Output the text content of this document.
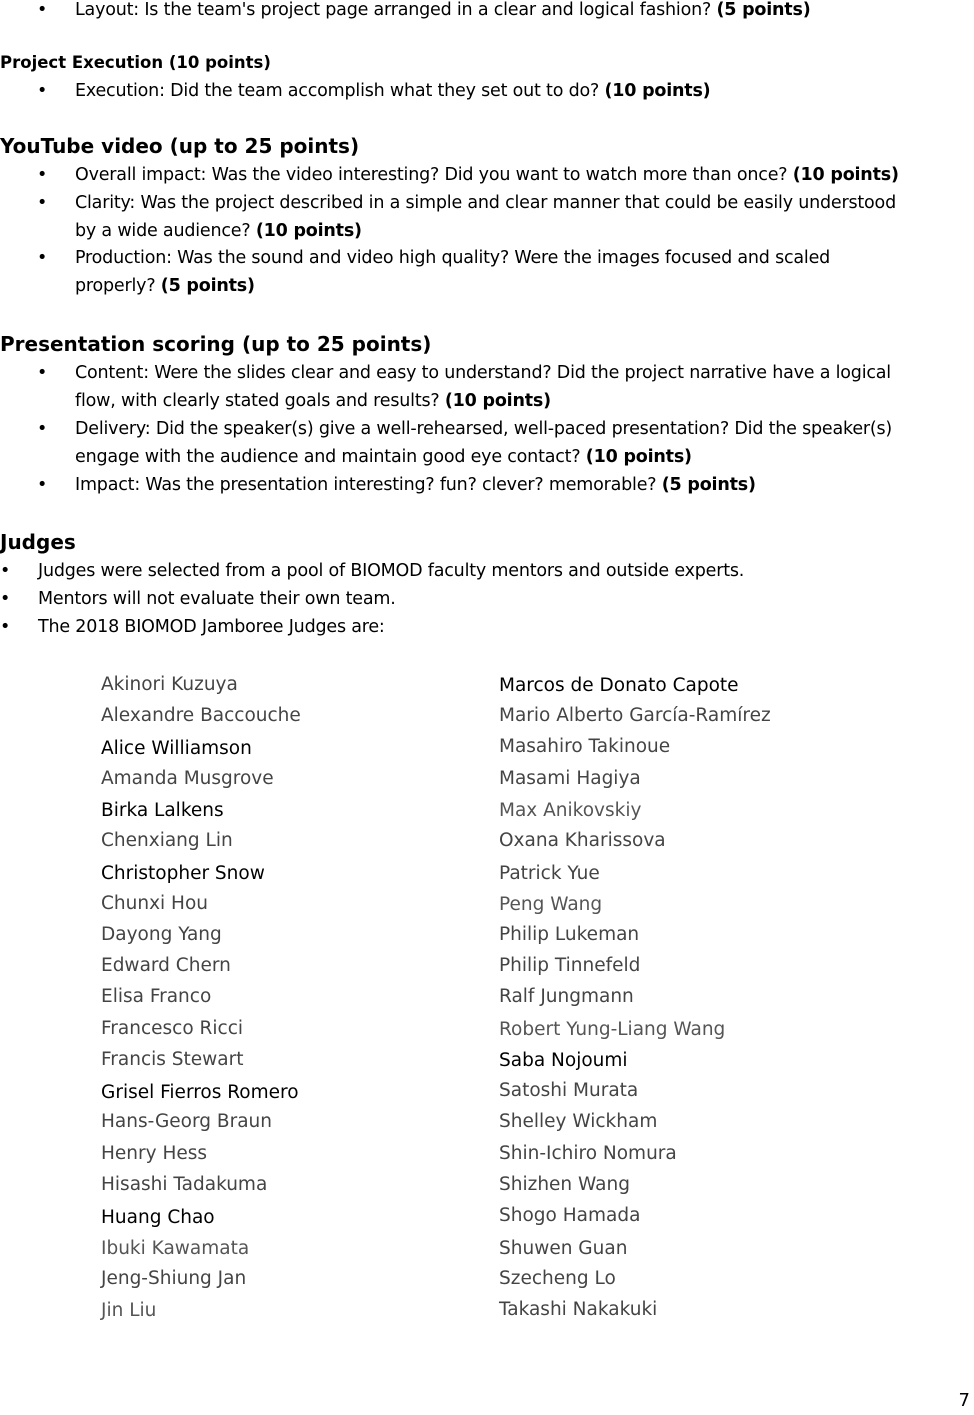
• Layout: Is the team's project page arranged in a clear and logical fashion? (5 points)
Project Execution (10 points)
• Execution: Did the team accomplish what they set out to do? (10 points)
YouTube video (up to 25 points)
• Overall impact: Was the video interesting? Did you want to watch more than once? (10 points)
• Clarity: Was the project described in a simple and clear manner that could be easily understood
by a wide audience? (10 points)
• Production: Was the sound and video high quality? Were the images focused and scaled
properly? (5 points)
Presentation scoring (up to 25 points)
• Content: Were the slides clear and easy to understand? Did the project narrative have a logical
flow, with clearly stated goals and results? (10 points)
• Delivery: Did the speaker(s) give a well-rehearsed, well-paced presentation? Did the speaker(s)
engage with the audience and maintain good eye contact? (10 points)
• Impact: Was the presentation interesting? fun? clever? memorable? (5 points)
Judges
• Judges were selected from a pool of BIOMOD faculty mentors and outside experts.
• Mentors will not evaluate their own team.
• The 2018 BIOMOD Jamboree Judges are:
Akinori Kuzuya
Alexandre Baccouche
Alice Williamson
Amanda Musgrove
Birka Lalkens
Chenxiang Lin
Christopher Snow
Chunxi Hou
Dayong Yang
Edward Chern
Elisa Franco
Francesco Ricci
Francis Stewart
Grisel Fierros Romero
Hans-Georg Braun
Henry Hess
Hisashi Tadakuma
Huang Chao
Ibuki Kawamata
Jeng-Shiung Jan
Jin Liu
Marcos de Donato Capote
Mario Alberto García-Ramírez
Masahiro Takinoue
Masami Hagiya
Max Anikovskiy
Oxana Kharissova
Patrick Yue
Peng Wang
Philip Lukeman
Philip Tinnefeld
Ralf Jungmann
Robert Yung-Liang Wang
Saba Nojoumi
Satoshi Murata
Shelley Wickham
Shin-Ichiro Nomura
Shizhen Wang
Shogo Hamada
Shuwen Guan
Szecheng Lo
Takashi Nakakuki
7
